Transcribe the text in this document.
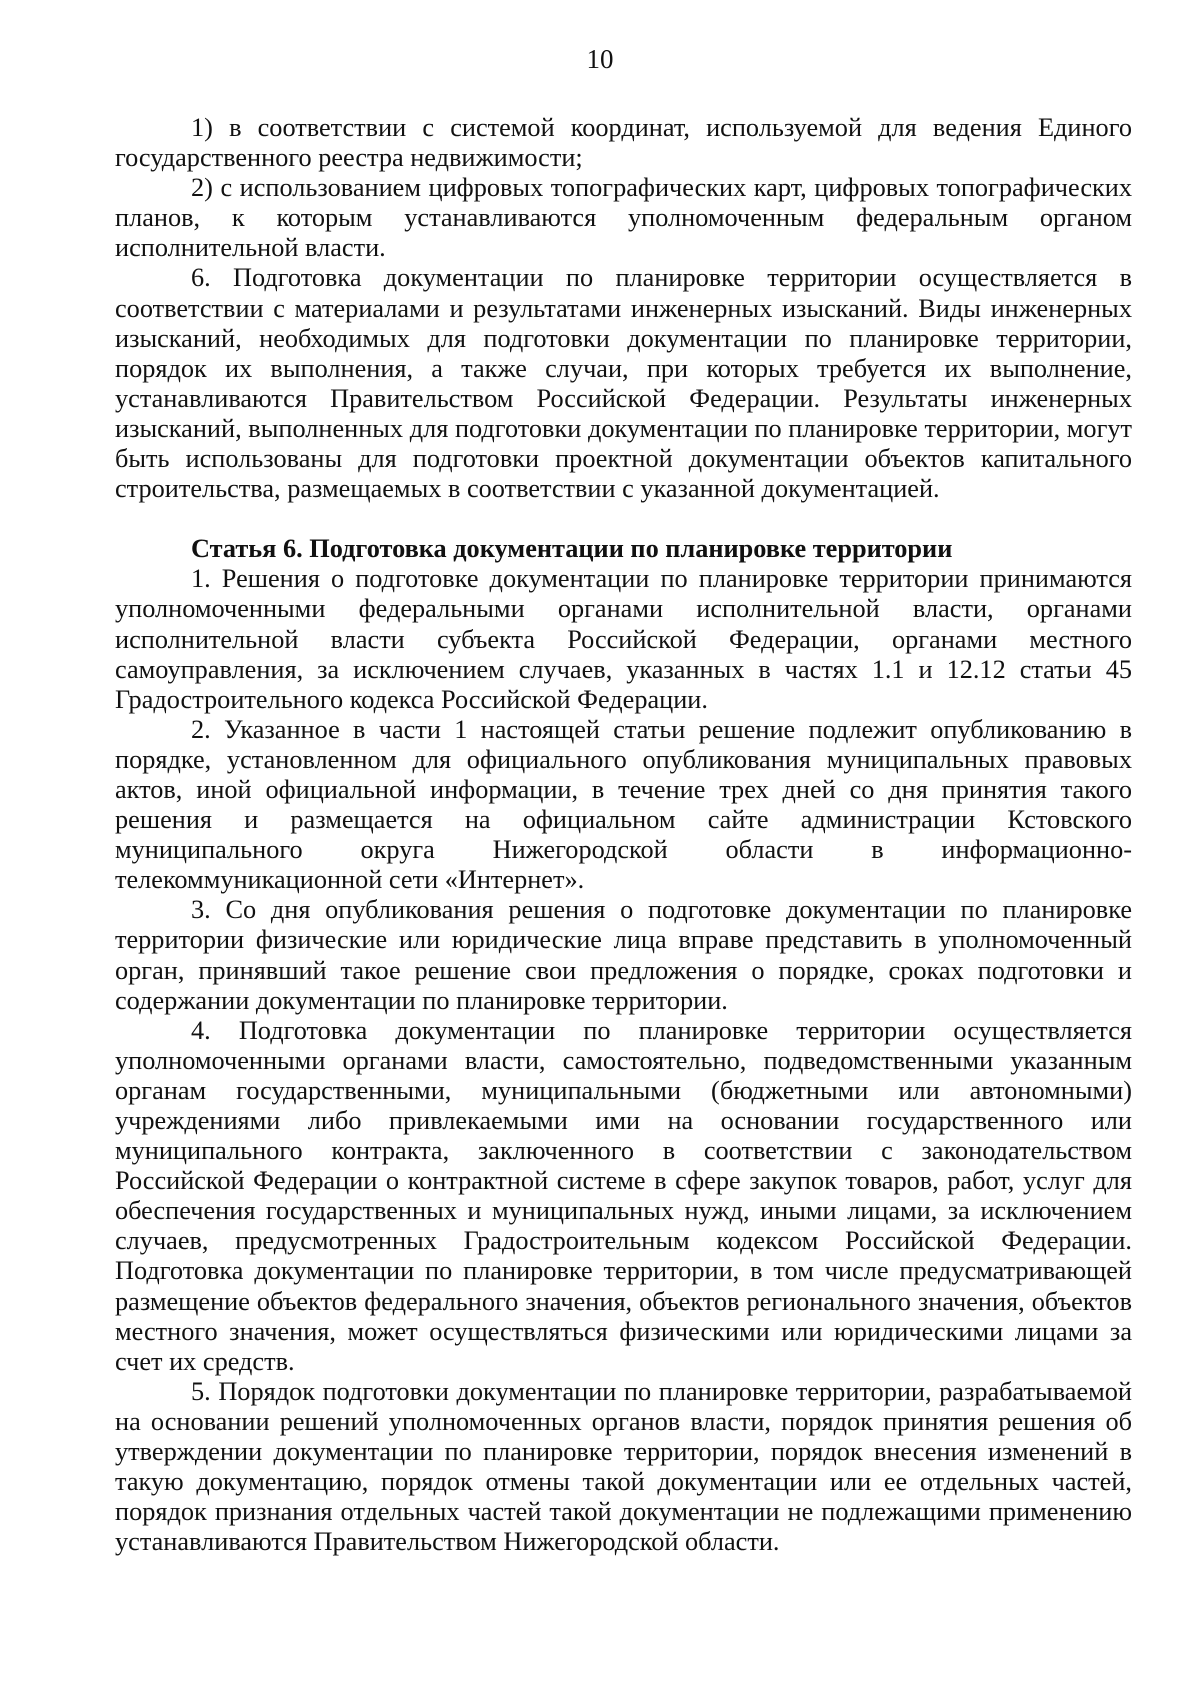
10

1) в соответствии с системой координат, используемой для ведения Единого государственного реестра недвижимости;

2) с использованием цифровых топографических карт, цифровых топографических планов, к которым устанавливаются уполномоченным федеральным органом исполнительной власти.

6. Подготовка документации по планировке территории осуществляется в соответствии с материалами и результатами инженерных изысканий. Виды инженерных изысканий, необходимых для подготовки документации по планировке территории, порядок их выполнения, а также случаи, при которых требуется их выполнение, устанавливаются Правительством Российской Федерации. Результаты инженерных изысканий, выполненных для подготовки документации по планировке территории, могут быть использованы для подготовки проектной документации объектов капитального строительства, размещаемых в соответствии с указанной документацией.

Статья 6. Подготовка документации по планировке территории

1. Решения о подготовке документации по планировке территории принимаются уполномоченными федеральными органами исполнительной власти, органами исполнительной власти субъекта Российской Федерации, органами местного самоуправления, за исключением случаев, указанных в частях 1.1 и 12.12 статьи 45 Градостроительного кодекса Российской Федерации.

2. Указанное в части 1 настоящей статьи решение подлежит опубликованию в порядке, установленном для официального опубликования муниципальных правовых актов, иной официальной информации, в течение трех дней со дня принятия такого решения и размещается на официальном сайте администрации Кстовского муниципального округа Нижегородской области в информационно-телекоммуникационной сети «Интернет».

3. Со дня опубликования решения о подготовке документации по планировке территории физические или юридические лица вправе представить в уполномоченный орган, принявший такое решение свои предложения о порядке, сроках подготовки и содержании документации по планировке территории.

4. Подготовка документации по планировке территории осуществляется уполномоченными органами власти, самостоятельно, подведомственными указанным органам государственными, муниципальными (бюджетными или автономными) учреждениями либо привлекаемыми ими на основании государственного или муниципального контракта, заключенного в соответствии с законодательством Российской Федерации о контрактной системе в сфере закупок товаров, работ, услуг для обеспечения государственных и муниципальных нужд, иными лицами, за исключением случаев, предусмотренных Градостроительным кодексом Российской Федерации. Подготовка документации по планировке территории, в том числе предусматривающей размещение объектов федерального значения, объектов регионального значения, объектов местного значения, может осуществляться физическими или юридическими лицами за счет их средств.

5. Порядок подготовки документации по планировке территории, разрабатываемой на основании решений уполномоченных органов власти, порядок принятия решения об утверждении документации по планировке территории, порядок внесения изменений в такую документацию, порядок отмены такой документации или ее отдельных частей, порядок признания отдельных частей такой документации не подлежащими применению устанавливаются Правительством Нижегородской области.
